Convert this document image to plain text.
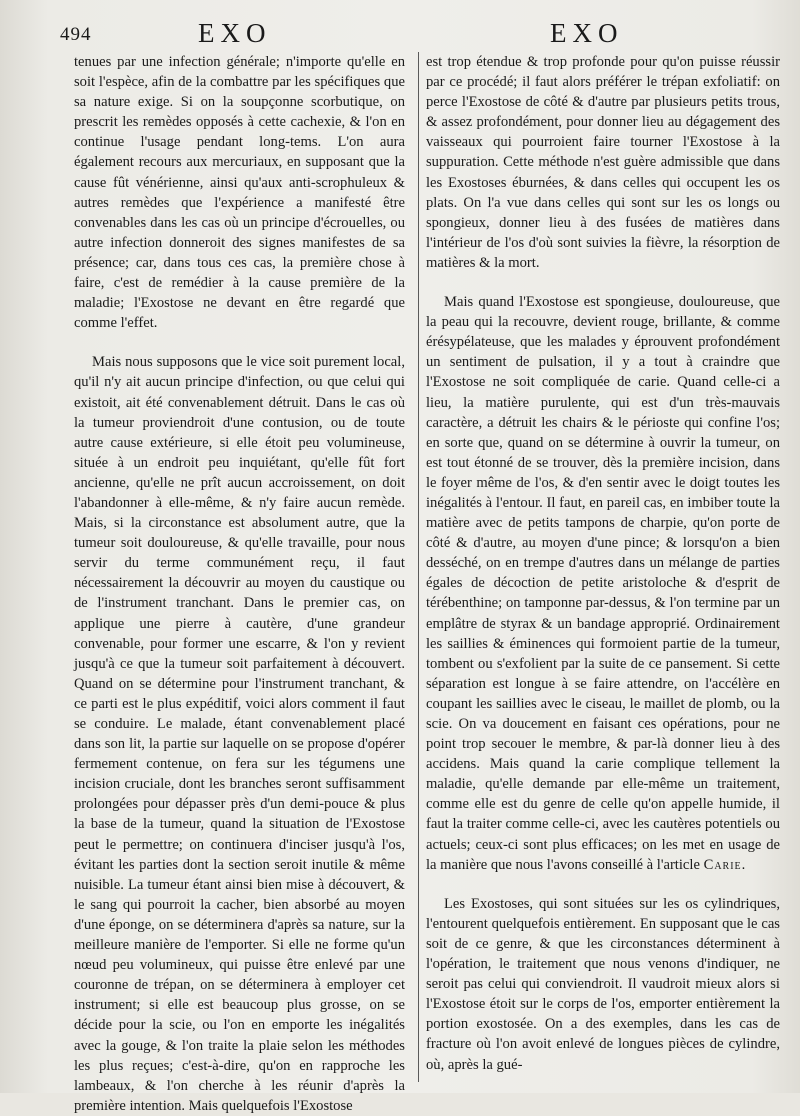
494	EXO	EXO

tenues par une infection générale; n'importe qu'elle en soit l'espèce, afin de la combattre par les spécifiques que sa nature exige. Si on la soupçonne scorbutique, on prescrit les remèdes opposés à cette cachexie, & l'on en continue l'usage pendant long-tems. L'on aura également recours aux mercuriaux, en supposant que la cause fût vénérienne, ainsi qu'aux anti-scrophuleux & autres remèdes que l'expérience a manifesté être convenables dans les cas où un principe d'écrouelles, ou autre infection donneroit des signes manifestes de sa présence; car, dans tous ces cas, la première chose à faire, c'est de remédier à la cause première de la maladie; l'Exostose ne devant en être regardé que comme l'effet.

Mais nous supposons que le vice soit purement local, qu'il n'y ait aucun principe d'infection, ou que celui qui existoit, ait été convenablement détruit. Dans le cas où la tumeur proviendroit d'une contusion, ou de toute autre cause extérieure, si elle étoit peu volumineuse, située à un endroit peu inquiétant, qu'elle fût fort ancienne, qu'elle ne prît aucun accroissement, on doit l'abandonner à elle-même, & n'y faire aucun remède. Mais, si la circonstance est absolument autre, que la tumeur soit douloureuse, & qu'elle travaille, pour nous servir du terme communément reçu, il faut nécessairement la découvrir au moyen du caustique ou de l'instrument tranchant. Dans le premier cas, on applique une pierre à cautère, d'une grandeur convenable, pour former une escarre, & l'on y revient jusqu'à ce que la tumeur soit parfaitement à découvert. Quand on se détermine pour l'instrument tranchant, & ce parti est le plus expéditif, voici alors comment il faut se conduire. Le malade, étant convenablement placé dans son lit, la partie sur laquelle on se propose d'opérer fermement contenue, on fera sur les tégumens une incision cruciale, dont les branches seront suffisamment prolongées pour dépasser près d'un demi-pouce & plus la base de la tumeur, quand la situation de l'Exostose peut le permettre; on continuera d'inciser jusqu'à l'os, évitant les parties dont la section seroit inutile & même nuisible. La tumeur étant ainsi bien mise à découvert, & le sang qui pourroit la cacher, bien absorbé au moyen d'une éponge, on se déterminera d'après sa nature, sur la meilleure manière de l'emporter. Si elle ne forme qu'un nœud peu volumineux, qui puisse être enlevé par une couronne de trépan, on se déterminera à employer cet instrument; si elle est beaucoup plus grosse, on se décide pour la scie, ou l'on en emporte les inégalités avec la gouge, & l'on traite la plaie selon les méthodes les plus reçues; c'est-à-dire, qu'on en rapproche les lambeaux, & l'on cherche à les réunir d'après la première intention. Mais quelquefois l'Exostose

est trop étendue & trop profonde pour qu'on puisse réussir par ce procédé; il faut alors préférer le trépan exfoliatif: on perce l'Exostose de côté & d'autre par plusieurs petits trous, & assez profondément, pour donner lieu au dégagement des vaisseaux qui pourroient faire tourner l'Exostose à la suppuration. Cette méthode n'est guère admissible que dans les Exostoses éburnées, & dans celles qui occupent les os plats. On l'a vue dans celles qui sont sur les os longs ou spongieux, donner lieu à des fusées de matières dans l'intérieur de l'os d'où sont suivies la fièvre, la résorption de matières & la mort.

Mais quand l'Exostose est spongieuse, douloureuse, que la peau qui la recouvre, devient rouge, brillante, & comme érésypélateuse, que les malades y éprouvent profondément un sentiment de pulsation, il y a tout à craindre que l'Exostose ne soit compliquée de carie. Quand celle-ci a lieu, la matière purulente, qui est d'un très-mauvais caractère, a détruit les chairs & le périoste qui confine l'os; en sorte que, quand on se détermine à ouvrir la tumeur, on est tout étonné de se trouver, dès la première incision, dans le foyer même de l'os, & d'en sentir avec le doigt toutes les inégalités à l'entour. Il faut, en pareil cas, en imbiber toute la matière avec de petits tampons de charpie, qu'on porte de côté & d'autre, au moyen d'une pince; & lorsqu'on a bien desséché, on en trempe d'autres dans un mélange de parties égales de décoction de petite aristoloche & d'esprit de térébenthine; on tamponne par-dessus, & l'on termine par un emplâtre de styrax & un bandage approprié. Ordinairement les saillies & éminences qui formoient partie de la tumeur, tombent ou s'exfolient par la suite de ce pansement. Si cette séparation est longue à se faire attendre, on l'accélère en coupant les saillies avec le ciseau, le maillet de plomb, ou la scie. On va doucement en faisant ces opérations, pour ne point trop secouer le membre, & par-là donner lieu à des accidens. Mais quand la carie complique tellement la maladie, qu'elle demande par elle-même un traitement, comme elle est du genre de celle qu'on appelle humide, il faut la traiter comme celle-ci, avec les cautères potentiels ou actuels; ceux-ci sont plus efficaces; on les met en usage de la manière que nous l'avons conseillé à l'article Carie.

Les Exostoses, qui sont situées sur les os cylindriques, l'entourent quelquefois entièrement. En supposant que le cas soit de ce genre, & que les circonstances déterminent à l'opération, le traitement que nous venons d'indiquer, ne seroit pas celui qui conviendroit. Il vaudroit mieux alors si l'Exostose étoit sur le corps de l'os, emporter entièrement la portion exostosée. On a des exemples, dans les cas de fracture où l'on avoit enlevé de longues pièces de cylindre, où, après la gué-
